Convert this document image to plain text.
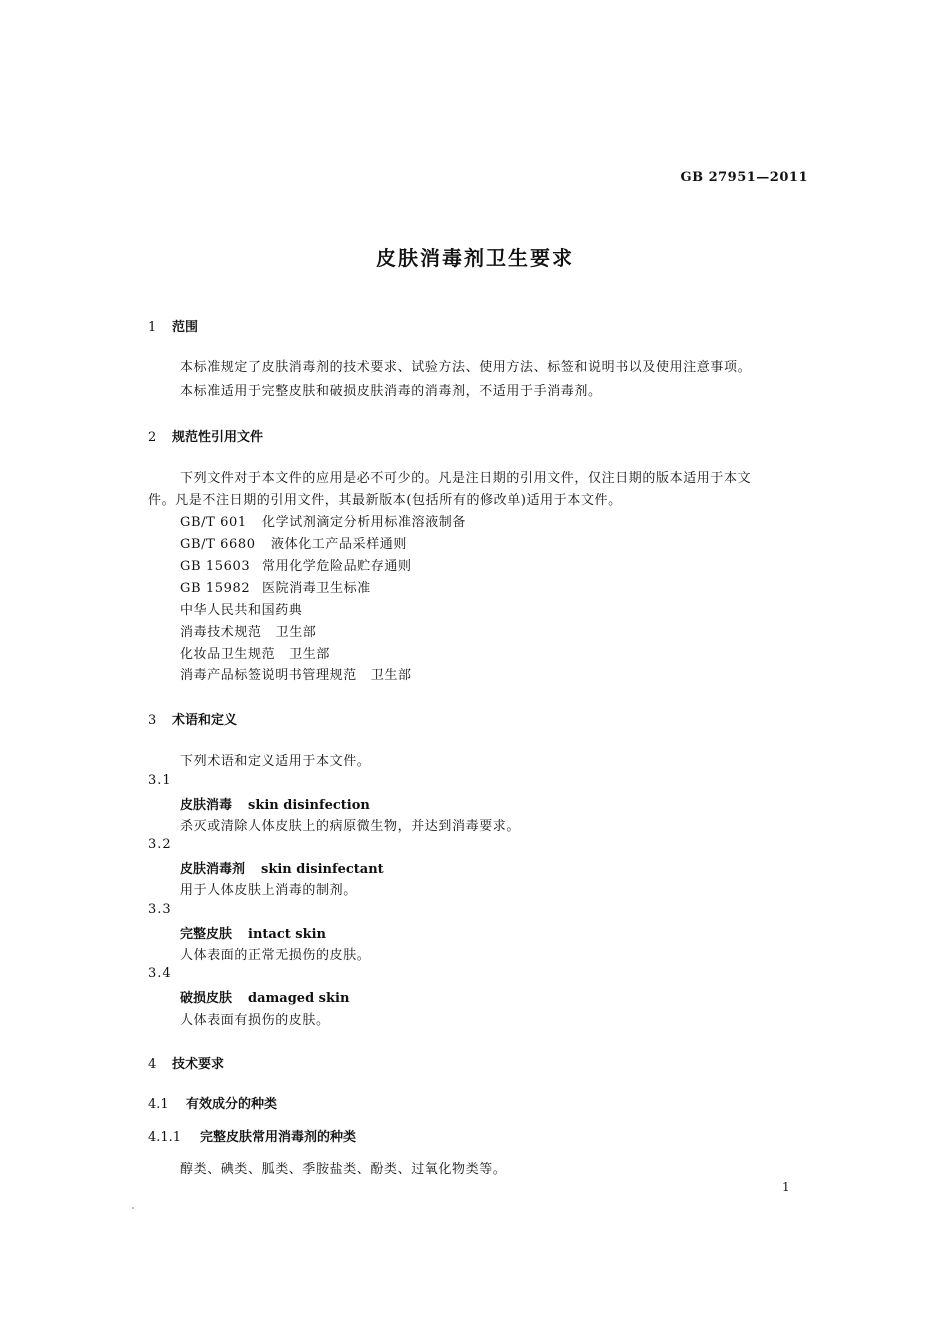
GB 27951—2011
皮肤消毒剂卫生要求
1 范围
本标准规定了皮肤消毒剂的技术要求、试验方法、使用方法、标签和说明书以及使用注意事项。
本标准适用于完整皮肤和破损皮肤消毒的消毒剂，不适用于手消毒剂。
2 规范性引用文件
下列文件对于本文件的应用是必不可少的。凡是注日期的引用文件，仅注日期的版本适用于本文
件。凡是不注日期的引用文件，其最新版本(包括所有的修改单)适用于本文件。
GB/T 601 化学试剂滴定分析用标准溶液制备
GB/T 6680 液体化工产品采样通则
GB 15603 常用化学危险品贮存通则
GB 15982 医院消毒卫生标准
中华人民共和国药典
消毒技术规范 卫生部
化妆品卫生规范 卫生部
消毒产品标签说明书管理规范 卫生部
3 术语和定义
下列术语和定义适用于本文件。
3.1
皮肤消毒 skin disinfection
杀灭或清除人体皮肤上的病原微生物，并达到消毒要求。
3.2
皮肤消毒剂 skin disinfectant
用于人体皮肤上消毒的制剂。
3.3
完整皮肤 intact skin
人体表面的正常无损伤的皮肤。
3.4
破损皮肤 damaged skin
人体表面有损伤的皮肤。
4 技术要求
4.1 有效成分的种类
4.1.1 完整皮肤常用消毒剂的种类
醇类、碘类、胍类、季胺盐类、酚类、过氧化物类等。
1
